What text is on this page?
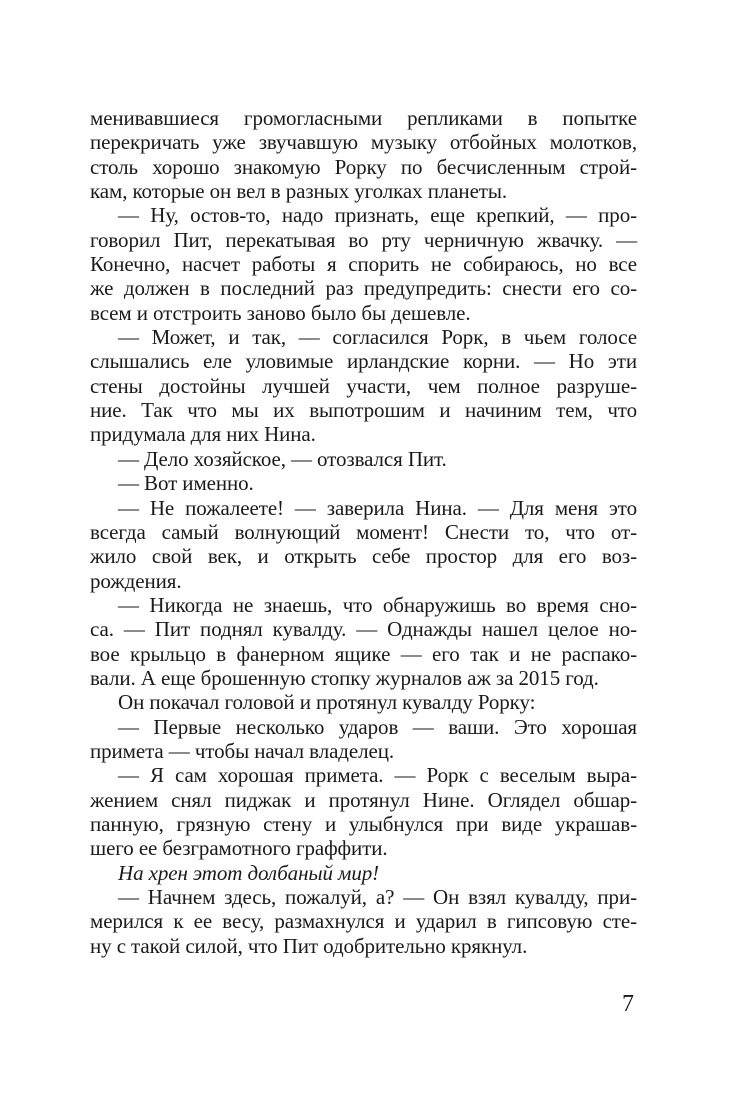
менивавшиеся громогласными репликами в попытке
перекричать уже звучавшую музыку отбойных молотков,
столь хорошо знакомую Рорку по бесчисленным строй-
кам, которые он вел в разных уголках планеты.
— Ну, остов-то, надо признать, еще крепкий, — про-
говорил Пит, перекатывая во рту черничную жвачку. —
Конечно, насчет работы я спорить не собираюсь, но все
же должен в последний раз предупредить: снести его со-
всем и отстроить заново было бы дешевле.
— Может, и так, — согласился Рорк, в чьем голосе
слышались еле уловимые ирландские корни. — Но эти
стены достойны лучшей участи, чем полное разруше-
ние. Так что мы их выпотрошим и начиним тем, что
придумала для них Нина.
— Дело хозяйское, — отозвался Пит.
— Вот именно.
— Не пожалеете! — заверила Нина. — Для меня это
всегда самый волнующий момент! Снести то, что от-
жило свой век, и открыть себе простор для его воз-
рождения.
— Никогда не знаешь, что обнаружишь во время сно-
са. — Пит поднял кувалду. — Однажды нашел целое но-
вое крыльцо в фанерном ящике — его так и не распако-
вали. А еще брошенную стопку журналов аж за 2015 год.
Он покачал головой и протянул кувалду Рорку:
— Первые несколько ударов — ваши. Это хорошая
примета — чтобы начал владелец.
— Я сам хорошая примета. — Рорк с веселым выра-
жением снял пиджак и протянул Нине. Оглядел обшар-
панную, грязную стену и улыбнулся при виде украшав-
шего ее безграмотного граффити.
На хрен этот долбаный мир!
— Начнем здесь, пожалуй, а? — Он взял кувалду, при-
мерился к ее весу, размахнулся и ударил в гипсовую сте-
ну с такой силой, что Пит одобрительно крякнул.
7
